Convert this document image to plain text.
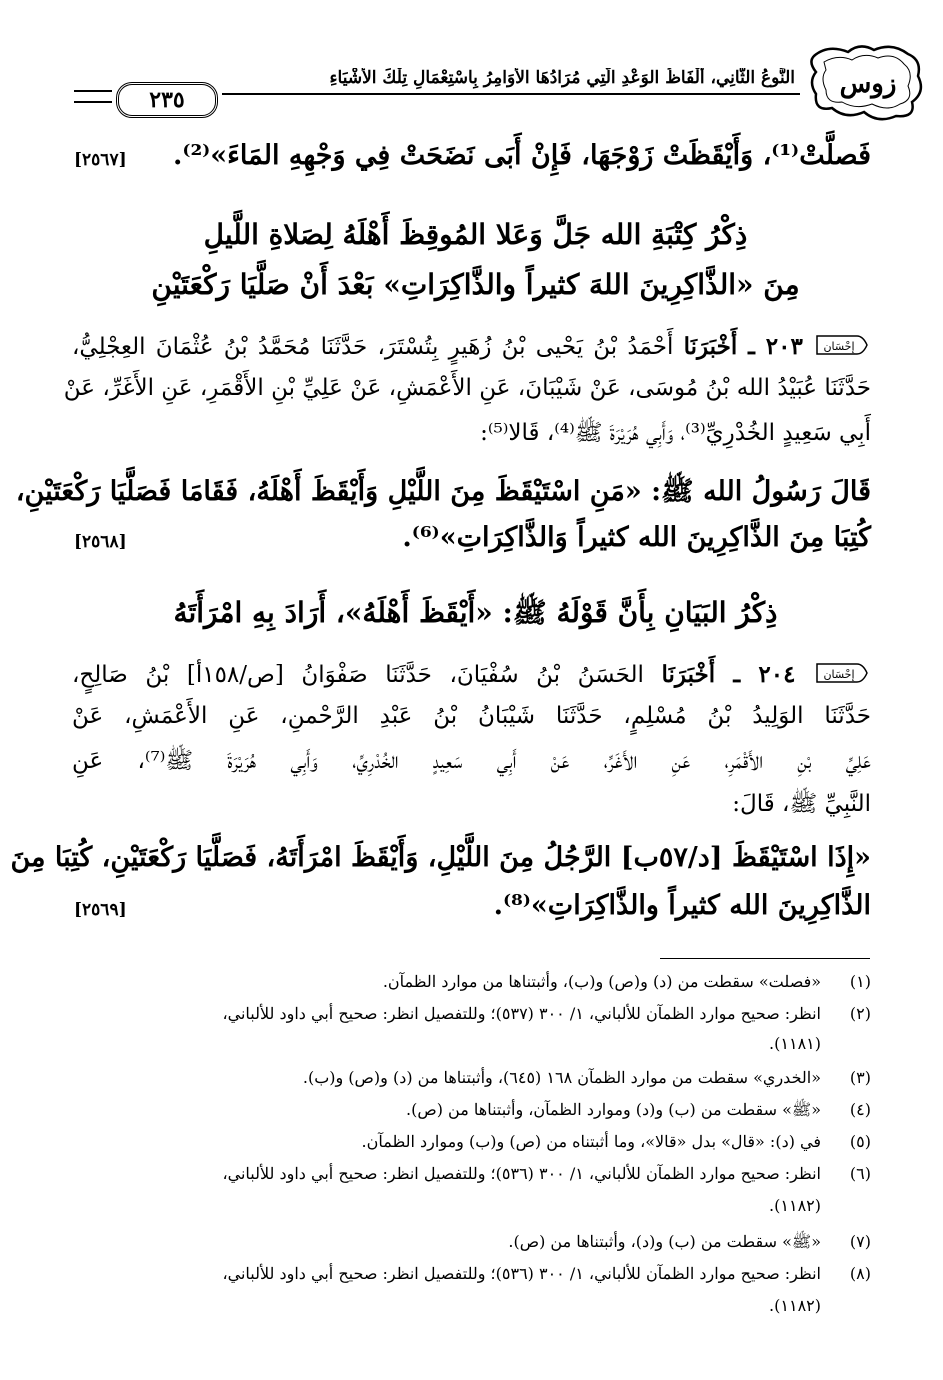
زوس
النَّوعُ الثَّانِي، أَلْفَاظُ الوَعْدِ الَّتِي مُرَادُهَا الأَوَامِرُ بِاسْتِعْمَالِ تِلْكَ الأَشْيَاءِ
٢٣٥
فَصلَّتْ⁽¹⁾، وَأَيْقَظَتْ زَوْجَهَا، فَإِنْ أَبَى نَضَحَتْ فِي وَجْهِهِ المَاءَ»⁽²⁾.
[٢٥٦٧]
ذِكْرُ كِتْبَةِ الله جَلَّ وَعَلا المُوقِظَ أَهْلَهُ لِصَلاةِ اللَّيلِ
مِنَ «الذَّاكِرِينَ اللهَ كثيراً والذَّاكِرَاتِ» بَعْدَ أَنْ صَلَّيَا رَكْعَتَيْنِ
إِحْسَان
٢٠٣ ـ أَخْبَرَنَا أَحْمَدُ بْنُ يَحْيى بْنُ زُهَيرٍ بِتُسْتَرَ، حَدَّثَنَا مُحَمَّدُ بْنُ عُثْمَانَ العِجْلِيُّ،
حَدَّثَنَا عُبَيْدُ الله بْنُ مُوسَى، عَنْ شَيْبَانَ، عَنِ الأَعْمَشِ، عَنْ عَلِيِّ بْنِ الأَقْمَرِ، عَنِ الأَغَرِّ، عَنْ
أَبِي سَعِيدٍ الخُدْرِيِّ⁽³⁾، وَأَبِي هُرَيْرَةَ ﷺ⁽⁴⁾، قَالا⁽⁵⁾:
قَالَ رَسُولُ الله ﷺ: «مَنِ اسْتَيْقَظَ مِنَ اللَّيْلِ وَأَيْقَظَ أَهْلَهُ، فَقَامَا فَصَلَّيَا رَكْعَتَيْنِ،
كُتِبَا مِنَ الذَّاكِرِينَ الله كثيراً وَالذَّاكِرَاتِ»⁽⁶⁾.
[٢٥٦٨]
ذِكْرُ البَيَانِ بِأَنَّ قَوْلَهُ ﷺ: «أَيْقَظَ أَهْلَهُ»، أَرَادَ بِهِ امْرَأَتَهُ
إِحْسَان
٢٠٤ ـ أَخْبَرَنَا الحَسَنُ بْنُ سُفْيَانَ، حَدَّثَنَا صَفْوَانُ [ص/١٥٨أ] بْنُ صَالِحٍ،
حَدَّثَنَا الوَلِيدُ بْنُ مُسْلِمٍ، حَدَّثَنَا شَيْبَانُ بْنُ عَبْدِ الرَّحْمنِ، عَنِ الأَعْمَشِ، عَنْ
عَلِيِّ بْنِ الأَقْمَرِ، عَنِ الأَغَرِّ، عَنْ أَبِي سَعِيدٍ الخُدْرِيِّ، وَأَبِي هُرَيْرَةَ ﷺ⁽⁷⁾، عَنِ
النَّبِيِّ ﷺ، قَالَ:
«إِذَا اسْتَيْقَظَ [د/٥٧ب] الرَّجُلُ مِنَ اللَّيْلِ، وَأَيْقَظَ امْرَأَتَهُ، فَصَلَّيَا رَكْعَتَيْنِ، كُتِبَا مِنَ
الذَّاكِرِينَ الله كثيراً والذَّاكِرَاتِ»⁽⁸⁾.
[٢٥٦٩]
(١)
«فصلت» سقطت من (د) و(ص) و(ب)، وأثبتناها من موارد الظمآن.
(٢)
انظر: صحيح موارد الظمآن للألباني، ١/ ٣٠٠ (٥٣٧)؛ وللتفصيل انظر: صحيح أبي داود للألباني،
(١١٨١).
(٣)
«الخدري» سقطت من موارد الظمآن ١٦٨ (٦٤٥)، وأثبتناها من (د) و(ص) و(ب).
(٤)
«ﷺ» سقطت من (ب) و(د) وموارد الظمآن، وأثبتناها من (ص).
(٥)
في (د): «قال» بدل «قالا»، وما أثبتناه من (ص) و(ب) وموارد الظمآن.
(٦)
انظر: صحيح موارد الظمآن للألباني، ١/ ٣٠٠ (٥٣٦)؛ وللتفصيل انظر: صحيح أبي داود للألباني،
(١١٨٢).
(٧)
«ﷺ» سقطت من (ب) و(د)، وأثبتناها من (ص).
(٨)
انظر: صحيح موارد الظمآن للألباني، ١/ ٣٠٠ (٥٣٦)؛ وللتفصيل انظر: صحيح أبي داود للألباني،
(١١٨٢).
